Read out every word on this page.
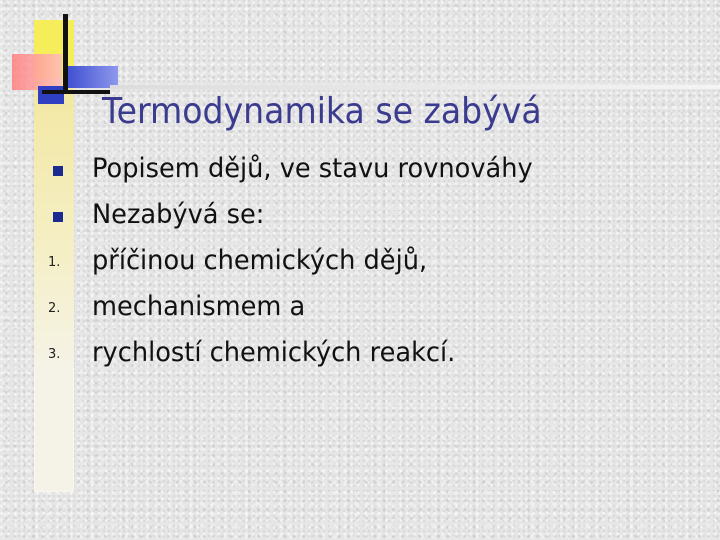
Termodynamika se zabývá
Popisem dějů, ve stavu rovnováhy
Nezabývá se:
1.	příčinou chemických dějů,
2.	mechanismem a
3.	rychlostí chemických reakcí.
